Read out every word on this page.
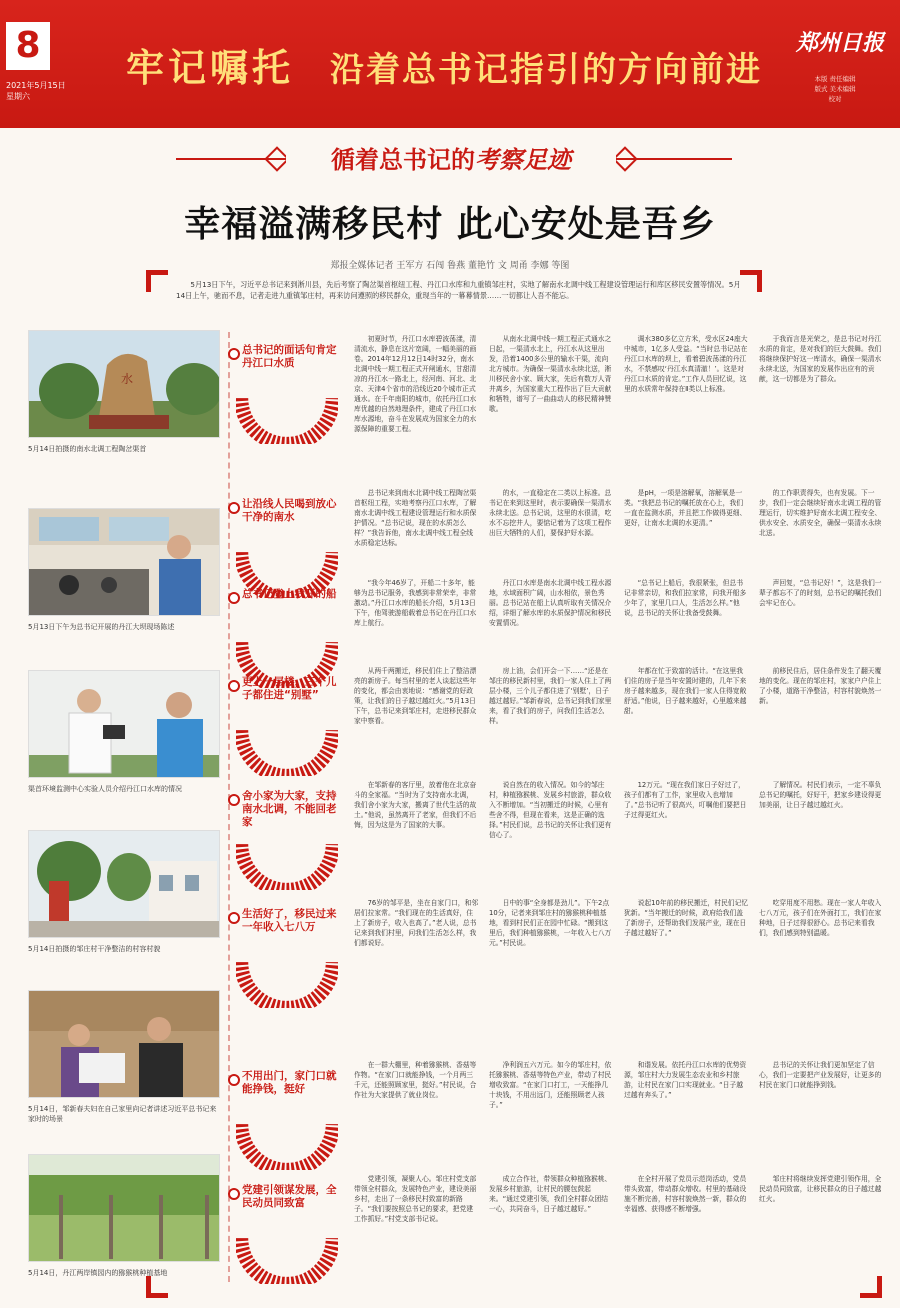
8
2021年5月15日
星期六
牢记嘱托	沿着总书记指引的方向前进
郑州日报
本版 责任编辑
版式 美术编辑
校对
循着总书记的考察足迹
幸福溢满移民村 此心安处是吾乡
郑报全媒体记者 王军方 石闯 鲁燕 董艳竹 文 周甬 李娜 等图
5月13日下午，习近平总书记来到淅川县，先后考察了陶岔渠首枢纽工程、丹江口水库和九重镇邹庄村，实地了解南水北调中线工程建设管理运行和库区移民安置等情况。5月14日上午，驰而不息，记者走进九重镇邹庄村，再来访问遵照的移民群众，重现当年的一幕幕情景……一切都让人吾不能忘。
水
5月14日拍摄的南水北调工程陶岔渠首
5月13日下午为总书记开展的丹江大坝现场陈述
渠首环境监测中心实验人员介绍丹江口水库的情况
5月14日拍摄的邹庄村干净整洁的村容村貌
5月14日，邹新春夫妇在自己家里向记者讲述习近平总书记来家时的场景
5月14日，丹江两岸镇园内的猕猴桃种植基地
总书记的面话句肯定丹江口水质
初夏时节，丹江口水库碧波荡漾，清清流水，静息在这片宽阔，一幅美丽的画卷。2014年12月12日14时32分，南水北调中线一期工程正式开闸通水，甘甜清凉的丹江水一路北上，经河南、河北、北京、天津4个省市的沿线近20个城市正式通水。在千年南阳的城市，依托丹江口水库优越的自然地理条件，建成了丹江口水库水源地，奋斗在发展成为国家全力的水源保障的重要工程。
从南水北调中线一期工程正式通水之日起，一渠清水北上，丹江水从这里出发，沿着1400多公里的输水干渠，流向北方城市。为确保一渠清水永续北送，淅川移民舍小家、顾大家，先后有数万人背井离乡，为国家重大工程作出了巨大贡献和牺牲，谱写了一曲曲动人的移民精神赞歌。
调水380多亿立方米，受水区24座大中城市，1亿多人受益。“当时总书记站在丹江口水库的坝上，看着碧波荡漾的丹江水，不禁感叹‘丹江水真清澈！’。这是对丹江口水质的肯定。”工作人员回忆说，这里的水质常年保持在Ⅱ类以上标准。
于我而言是光荣之，是总书记对丹江水质的肯定，是对我们的巨大鼓舞。我们将继续保护好这一库清水，确保一渠清水永续北送，为国家的发展作出应有的贡献，这一切都是为了群众。
让沿线人民喝到放心干净的南水
总书记来到南水北调中线工程陶岔渠首枢纽工程，实地考察丹江口水库，了解南水北调中线工程建设管理运行和水质保护情况。“总书记说，现在的水质怎么样？”我告诉他，南水北调中线工程全线水质稳定达标。
的水，一直稳定在二类以上标准。总书记在来到这里时，表示要确保一渠清水永续北送。总书记说，这里的水很清，吃水不忘挖井人，要惦记着为了这项工程作出巨大牺牲的人们，要保护好水源。
是pH，一项是溶解氧，溶解氧是一类。“我把总书记的嘱托放在心上，我们一直在监测水质，并且把工作做得更细、更好，让南水北调的水更清。”
的工作职责得失，也有发展。下一步，我们一定会继续好南水北调工程的管理运行，切实维护好南水北调工程安全、供水安全、水质安全，确保一渠清水永续北送。
总书记登上我开的船
“我今年46岁了，开船二十多年，能够为总书记服务，我感到非常荣幸，非常激动。”丹江口水库的船长介绍，5月13日下午，他驾驶游船载着总书记在丹江口水库上航行。
丹江口水库是南水北调中线工程水源地，水域面积广阔，山水相依，景色秀丽。总书记站在船上认真听取有关情况介绍，详细了解水库的水质保护情况和移民安置情况。
“总书记上船后，我很紧张，但总书记非常亲切，和我们拉家常，问我开船多少年了，家里几口人，生活怎么样。”他说，总书记的关怀让我备受鼓舞。
声回复，“总书记好！”，这是我们一辈子都忘不了的时刻，总书记的嘱托我们会牢记在心。
更上一层楼，三个儿子都住进“别墅”
从两千两搬迁，移民们住上了整洁漂亮的新房子。每当村里的老人谈起这些年的变化，都会由衷地说：“感谢党的好政策，让我们的日子越过越红火。”5月13日下午，总书记来到邹庄村，走进移民群众家中察看。
房上油，会们开会一下……“还是在邹庄的移民新村里，我们一家人住上了两层小楼，三个儿子都住进了‘别墅’，日子越过越好。”邹新春说，总书记到我们家里来，看了我们的房子，问我们生活怎么样。
年都在忙于致富的活计。“在这里我们住的房子是当年安置时建的，几年下来房子越来越多，现在我们一家人住得宽敞舒适。”他说，日子越来越好，心里越来越甜。
前移民住后，居住条件发生了翻天覆地的变化。现在的邹庄村，家家户户住上了小楼，道路干净整洁，村容村貌焕然一新。
舍小家为大家，支持南水北调，不能回老家
在邹新春的客厅里，放着他在北京奋斗的全家福。“当时为了支持南水北调，我们舍小家为大家，搬离了世代生活的故土。”他说，虽然离开了老家，但我们不后悔，因为这是为了国家的大事。
说自然在的收入情况。如今的邹庄村，种植猕猴桃、发展乡村旅游，群众收入不断增加。“当初搬迁的时候，心里有些舍不得，但现在看来，这是正确的选择。”村民们说，总书记的关怀让我们更有信心了。
12万元。“现在我们家日子好过了，孩子们都有了工作，家里收入也增加了。”总书记听了很高兴，叮嘱他们要把日子过得更红火。
了解情况。村民们表示，一定不辜负总书记的嘱托，好好干，把家乡建设得更加美丽，让日子越过越红火。
生活好了，移民过来一年收入七八万
76岁的邹平是，坐在自家门口，和邻居们拉家常。“我们现在的生活真好，住上了新房子，收入也高了。”老人说，总书记来到我们村里，问我们生活怎么样，我们都说好。
日中的事“全身都是劲儿”。下午2点10分，记者来到邹庄村的猕猴桃种植基地，看到村民们正在园中忙碌。“搬到这里后，我们种植猕猴桃，一年收入七八万元。”村民说。
说起10年前的移民搬迁，村民们记忆犹新。“当年搬迁的时候，政府给我们盖了新房子，还帮助我们发展产业，现在日子越过越好了。”
吃穿用度不用愁。现在一家人年收入七八万元，孩子们在外面打工，我们在家种地，日子过得很舒心。总书记来看我们，我们感到特别温暖。
不用出门，家门口就能挣钱，挺好
在一群大棚里，种着猕猴桃、香菇等作物。“在家门口就能挣钱，一个月两三千元，还能照顾家里，挺好。”村民说，合作社为大家提供了就业岗位。
净利润五六万元。如今的邹庄村，依托猕猴桃、香菇等特色产业，带动了村民增收致富。“在家门口打工，一天能挣几十块钱，不用出远门，还能照顾老人孩子。”
和谐发展。依托丹江口水库的优势资源，邹庄村大力发展生态农业和乡村旅游，让村民在家门口实现就业。“日子越过越有奔头了。”
总书记的关怀让我们更加坚定了信心，我们一定要把产业发展好，让更多的村民在家门口就能挣到钱。
党建引领谋发展，全民动员同致富
党建引领，凝聚人心。邹庄村党支部带领全村群众，发展特色产业，建设美丽乡村，走出了一条移民村致富的新路子。“我们要按照总书记的要求，把党建工作抓好。”村党支部书记说。
成立合作社，带领群众种植猕猴桃、发展乡村旅游，让村民的腰包鼓起来。“通过党建引领，我们全村群众团结一心，共同奋斗，日子越过越好。”
在全村开展了党员示范岗活动，党员带头致富，带动群众增收。村里的基础设施不断完善，村容村貌焕然一新，群众的幸福感、获得感不断增强。
邹庄村将继续发挥党建引领作用，全民动员同致富，让移民群众的日子越过越红火。
